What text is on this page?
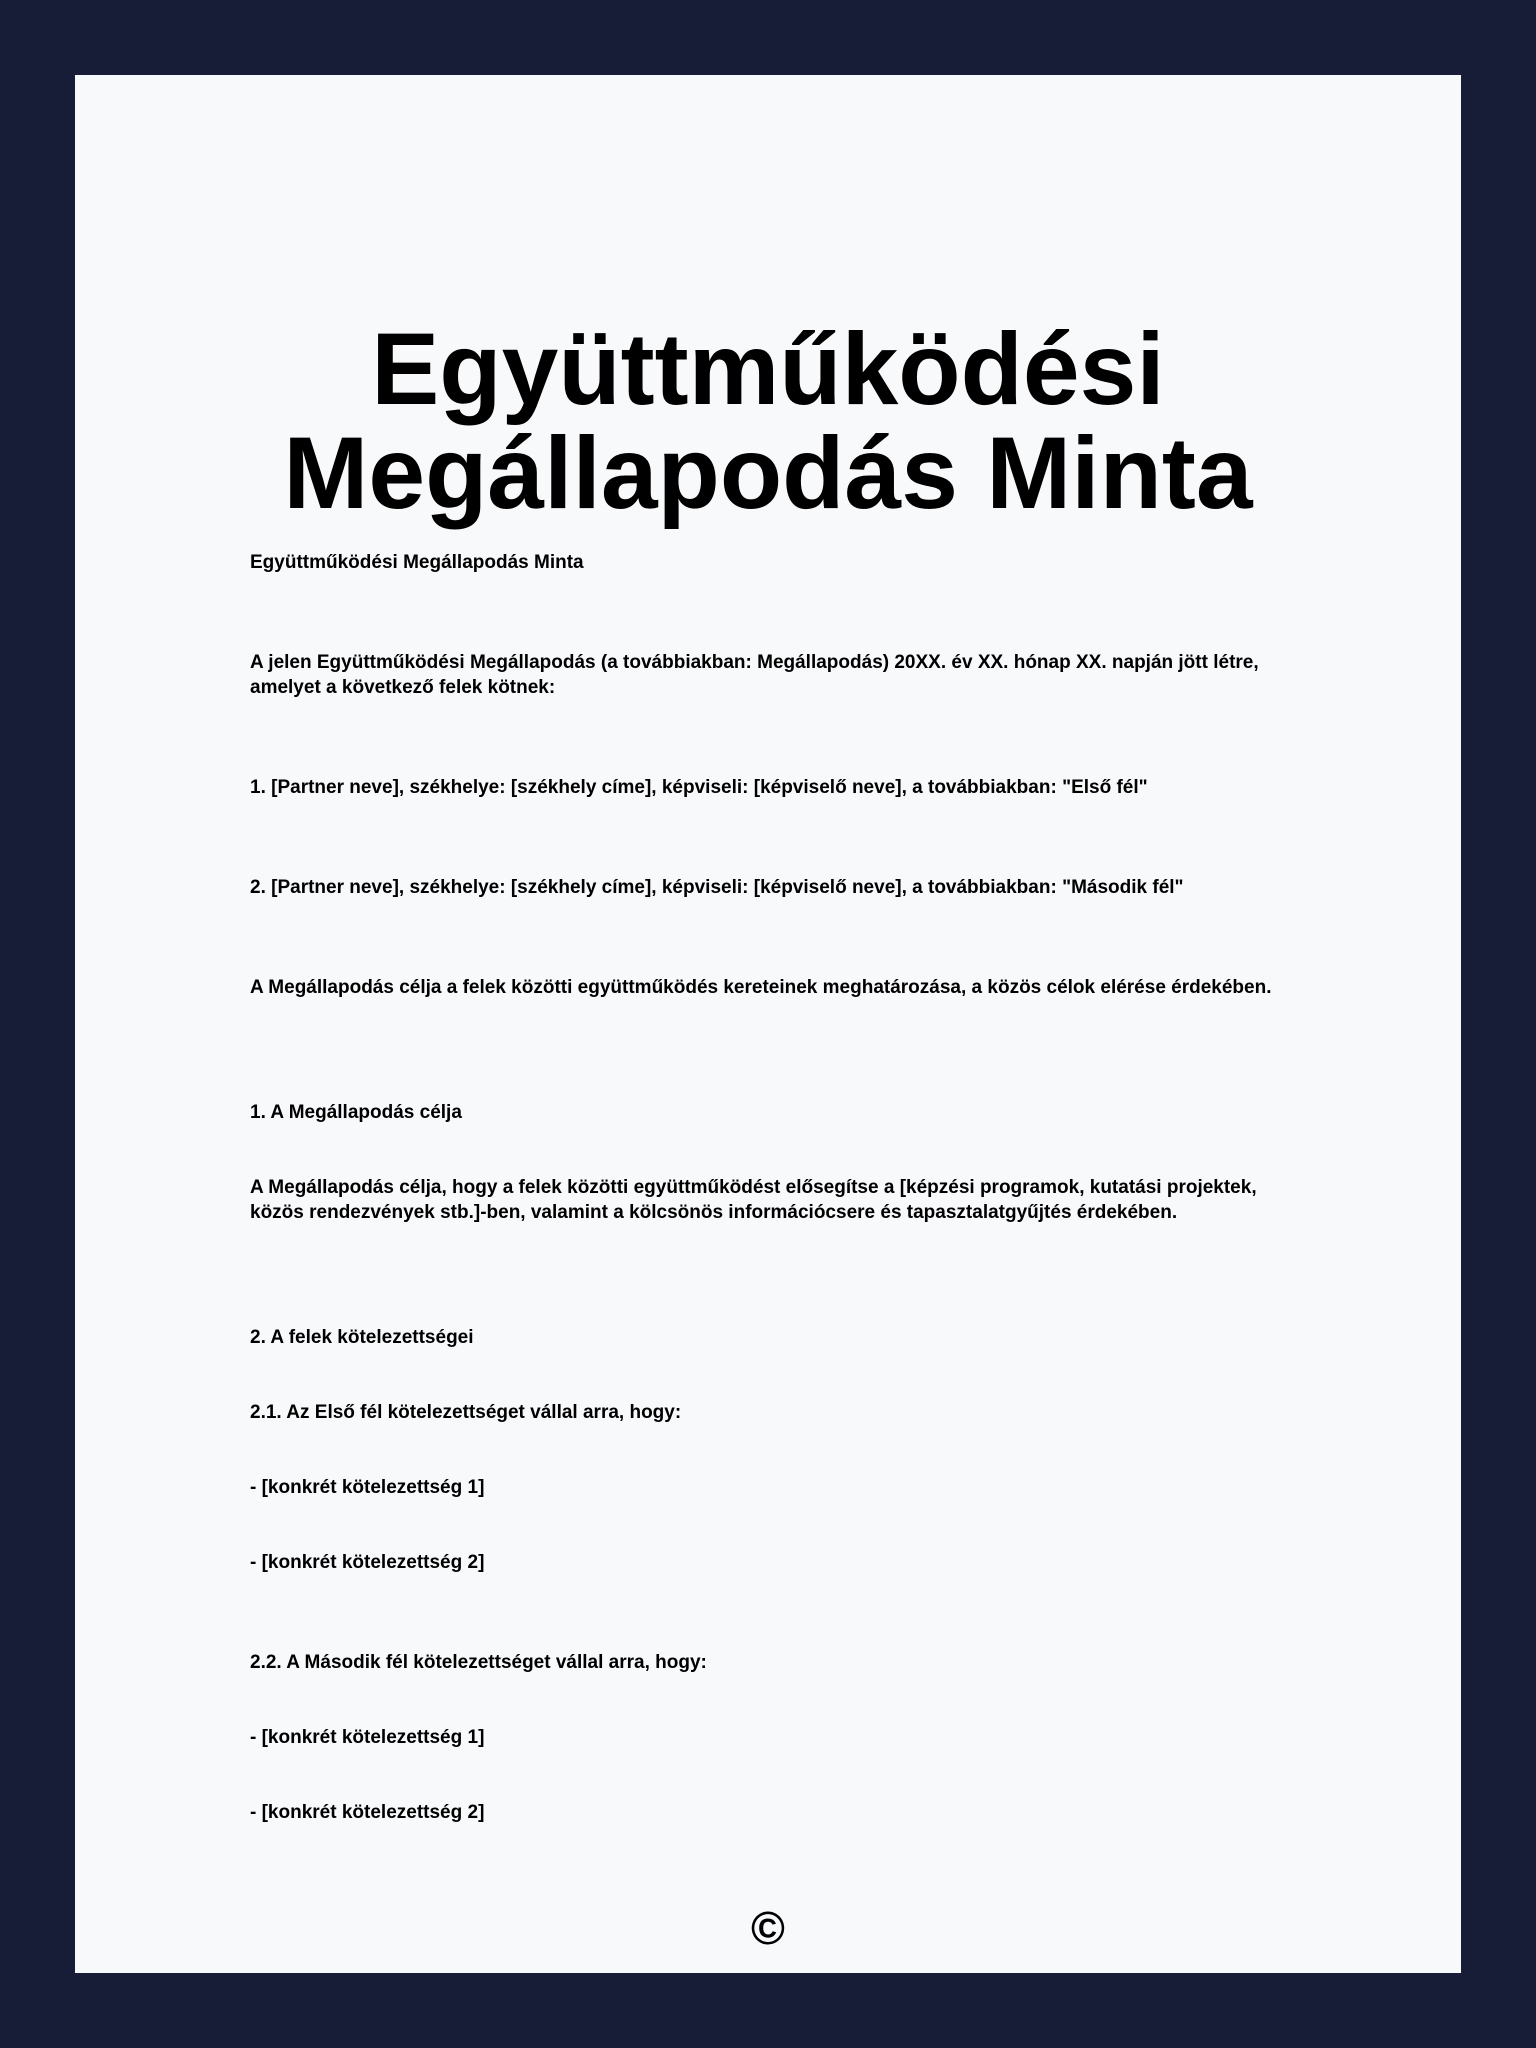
Együttműködési Megállapodás Minta

Együttműködési Megállapodás Minta

A jelen Együttműködési Megállapodás (a továbbiakban: Megállapodás) 20XX. év XX. hónap XX. napján jött létre, amelyet a következő felek kötnek:

1. [Partner neve], székhelye: [székhely címe], képviseli: [képviselő neve], a továbbiakban: "Első fél"

2. [Partner neve], székhelye: [székhely címe], képviseli: [képviselő neve], a továbbiakban: "Második fél"

A Megállapodás célja a felek közötti együttműködés kereteinek meghatározása, a közös célok elérése érdekében.

1. A Megállapodás célja

A Megállapodás célja, hogy a felek közötti együttműködést elősegítse a [képzési programok, kutatási projektek, közös rendezvények stb.]-ben, valamint a kölcsönös információcsere és tapasztalatgyűjtés érdekében.

2. A felek kötelezettségei

2.1. Az Első fél kötelezettséget vállal arra, hogy:

- [konkrét kötelezettség 1]

- [konkrét kötelezettség 2]

2.2. A Második fél kötelezettséget vállal arra, hogy:

- [konkrét kötelezettség 1]

- [konkrét kötelezettség 2]

©
